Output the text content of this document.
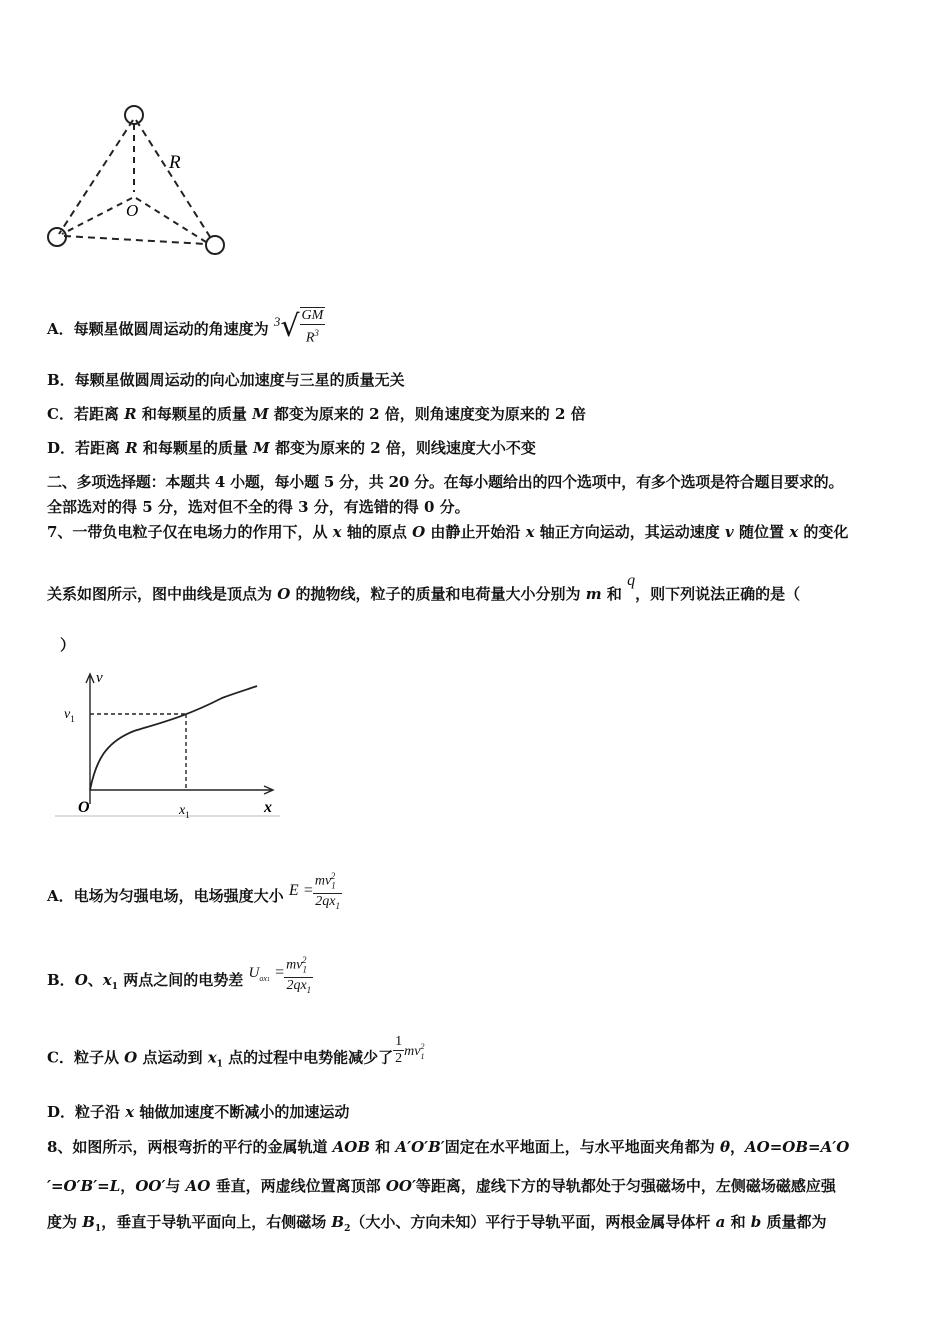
R
O
A．每颗星做圆周运动的角速度为 $3√ \frac{GM}{R^3}$
B．每颗星做圆周运动的向心加速度与三星的质量无关
C．若距离 R 和每颗星的质量 M 都变为原来的 2 倍，则角速度变为原来的 2 倍
D．若距离 R 和每颗星的质量 M 都变为原来的 2 倍，则线速度大小不变
二、多项选择题：本题共 4 小题，每小题 5 分，共 20 分。在每小题给出的四个选项中，有多个选项是符合题目要求的。
全部选对的得 5 分，选对但不全的得 3 分，有选错的得 0 分。
7、一带负电粒子仅在电场力的作用下，从 x 轴的原点 O 由静止开始沿 x 轴正方向运动，其运动速度 v 随位置 x 的变化
关系如图所示，图中曲线是顶点为 O 的抛物线，粒子的质量和电荷量大小分别为 m 和 q，则下列说法正确的是（
）
v
x
O
$v_1$
$x_1$
A．电场为匀强电场，电场强度大小 $E = \frac{mv_1^2}{2qx_1}$
B．O、$x_1$ 两点之间的电势差 $U_{ox1} = \frac{mv_1^2}{2qx_1}$
C．粒子从 O 点运动到 $x_1$ 点的过程中电势能减少了 $\frac{1}{2} mv_1^2$
D．粒子沿 x 轴做加速度不断减小的加速运动
8、如图所示，两根弯折的平行的金属轨道 AOB 和 A′O′B′固定在水平地面上，与水平地面夹角都为 θ，AO=OB=A′O
′=O′B′=L，OO′与 AO 垂直，两虚线位置离顶部 OO′等距离，虚线下方的导轨都处于匀强磁场中，左侧磁场磁感应强
度为 $B_1$，垂直于导轨平面向上，右侧磁场 $B_2$（大小、方向未知）平行于导轨平面，两根金属导体杆 a 和 b 质量都为
